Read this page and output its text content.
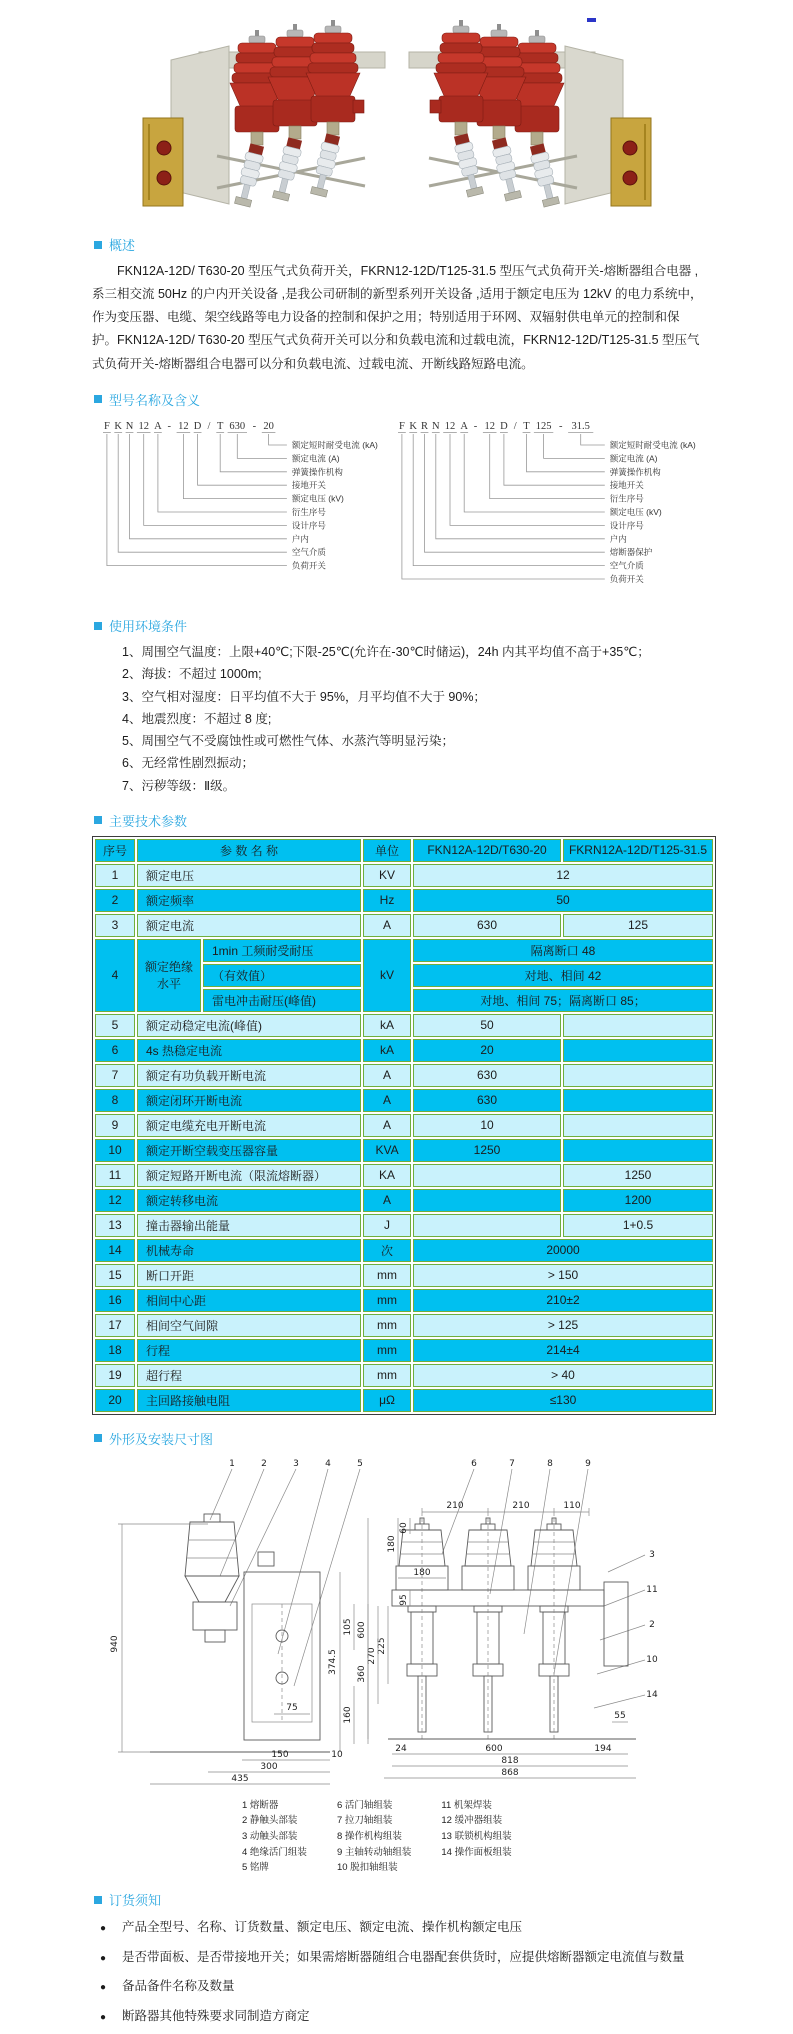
概述

FKN12A-12D/ T630-20 型压气式负荷开关，FKRN12-12D/T125-31.5 型压气式负荷开关-熔断器组合电器 ,系三相交流 50Hz 的户内开关设备 ,是我公司研制的新型系列开关设备 ,适用于额定电压为 12kV 的电力系统中，作为变压器、电缆、架空线路等电力设备的控制和保护之用；特别适用于环网、双辐射供电单元的控制和保护。FKN12A-12D/ T630-20 型压气式负荷开关可以分和负载电流和过载电流，FKRN12-12D/T125-31.5 型压气式负荷开关-熔断器组合电器可以分和负载电流、过载电流、开断线路短路电流。

型号名称及含义
F K N 12 A - 12 D / T 630 - 20
额定短时耐受电流 (kA)
额定电流 (A)
弹簧操作机构
接地开关
额定电压 (kV)
衍生序号
设计序号
户内
空气介质
负荷开关
F K R N 12 A - 12 D / T 125 - 31.5
额定短时耐受电流 (kA)
额定电流 (A)
弹簧操作机构
接地开关
衍生序号
额定电压 (kV)
设计序号
户内
熔断器保护
空气介质
负荷开关
使用环境条件
1、周围空气温度：上限+40℃;下限-25℃(允许在-30℃时储运)，24h 内其平均值不高于+35℃；
2、海拔：不超过 1000m;
3、空气相对湿度：日平均值不大于 95%，月平均值不大于 90%；
4、地震烈度：不超过 8 度;
5、周围空气不受腐蚀性或可燃性气体、水蒸汽等明显污染；
6、无经常性剧烈振动；
7、污秽等级：Ⅱ级。
主要技术参数
序号	参 数 名 称		单位	FKN12A-12D/T630-20	FKRN12A-12D/T125-31.5
1	额定电压		KV	12	
2	额定频率		Hz	50	
3	额定电流		A	630	125
4	额定绝缘水平	1min 工频耐受耐压	kV	隔离断口 48	
		（有效值）		对地、相间 42	
		雷电冲击耐压(峰值)		对地、相间 75；隔离断口 85；	
5	额定动稳定电流(峰值)		kA	50	
6	4s 热稳定电流		kA	20	
7	额定有功负载开断电流		A	630	
8	额定闭环开断电流		A	630	
9	额定电缆充电开断电流		A	10	
10	额定开断空载变压器容量		KVA	1250	
11	额定短路开断电流（限流熔断器）		KA		1250
12	额定转移电流		A		1200
13	撞击器输出能量		J		1+0.5
14	机械寿命		次	20000	
15	断口开距		mm	> 150	
16	相间中心距		mm	210±2	
17	相间空气间隙		mm	> 125	
18	行程		mm	214±4	
19	超行程		mm	> 40	
20	主回路接触电阻		μΩ	≤130	
外形及安装尺寸图
1	2	3	4	5	6	7	8	9
3
11
2
10
14
940
374.5
105
360
160
75
150	10
300
435
210	210	110
60
180
95
225
270
600
180
24	600	194
818
868
55
1 熔断器
2 静触头部装
3 动触头部装
4 绝缘活门组装
5 铭牌
6 活门轴组装
7 拉刀轴组装
8 操作机构组装
9 主轴转动轴组装
10 脱扣轴组装
11 机架焊装
12 缓冲器组装
13 联锁机构组装
14 操作面板组装
订货须知
● 产品全型号、名称、订货数量、额定电压、额定电流、操作机构额定电压
● 是否带面板、是否带接地开关；如果需熔断器随组合电器配套供货时，应提供熔断器额定电流值与数量
● 备品备件名称及数量
● 断路器其他特殊要求同制造方商定
